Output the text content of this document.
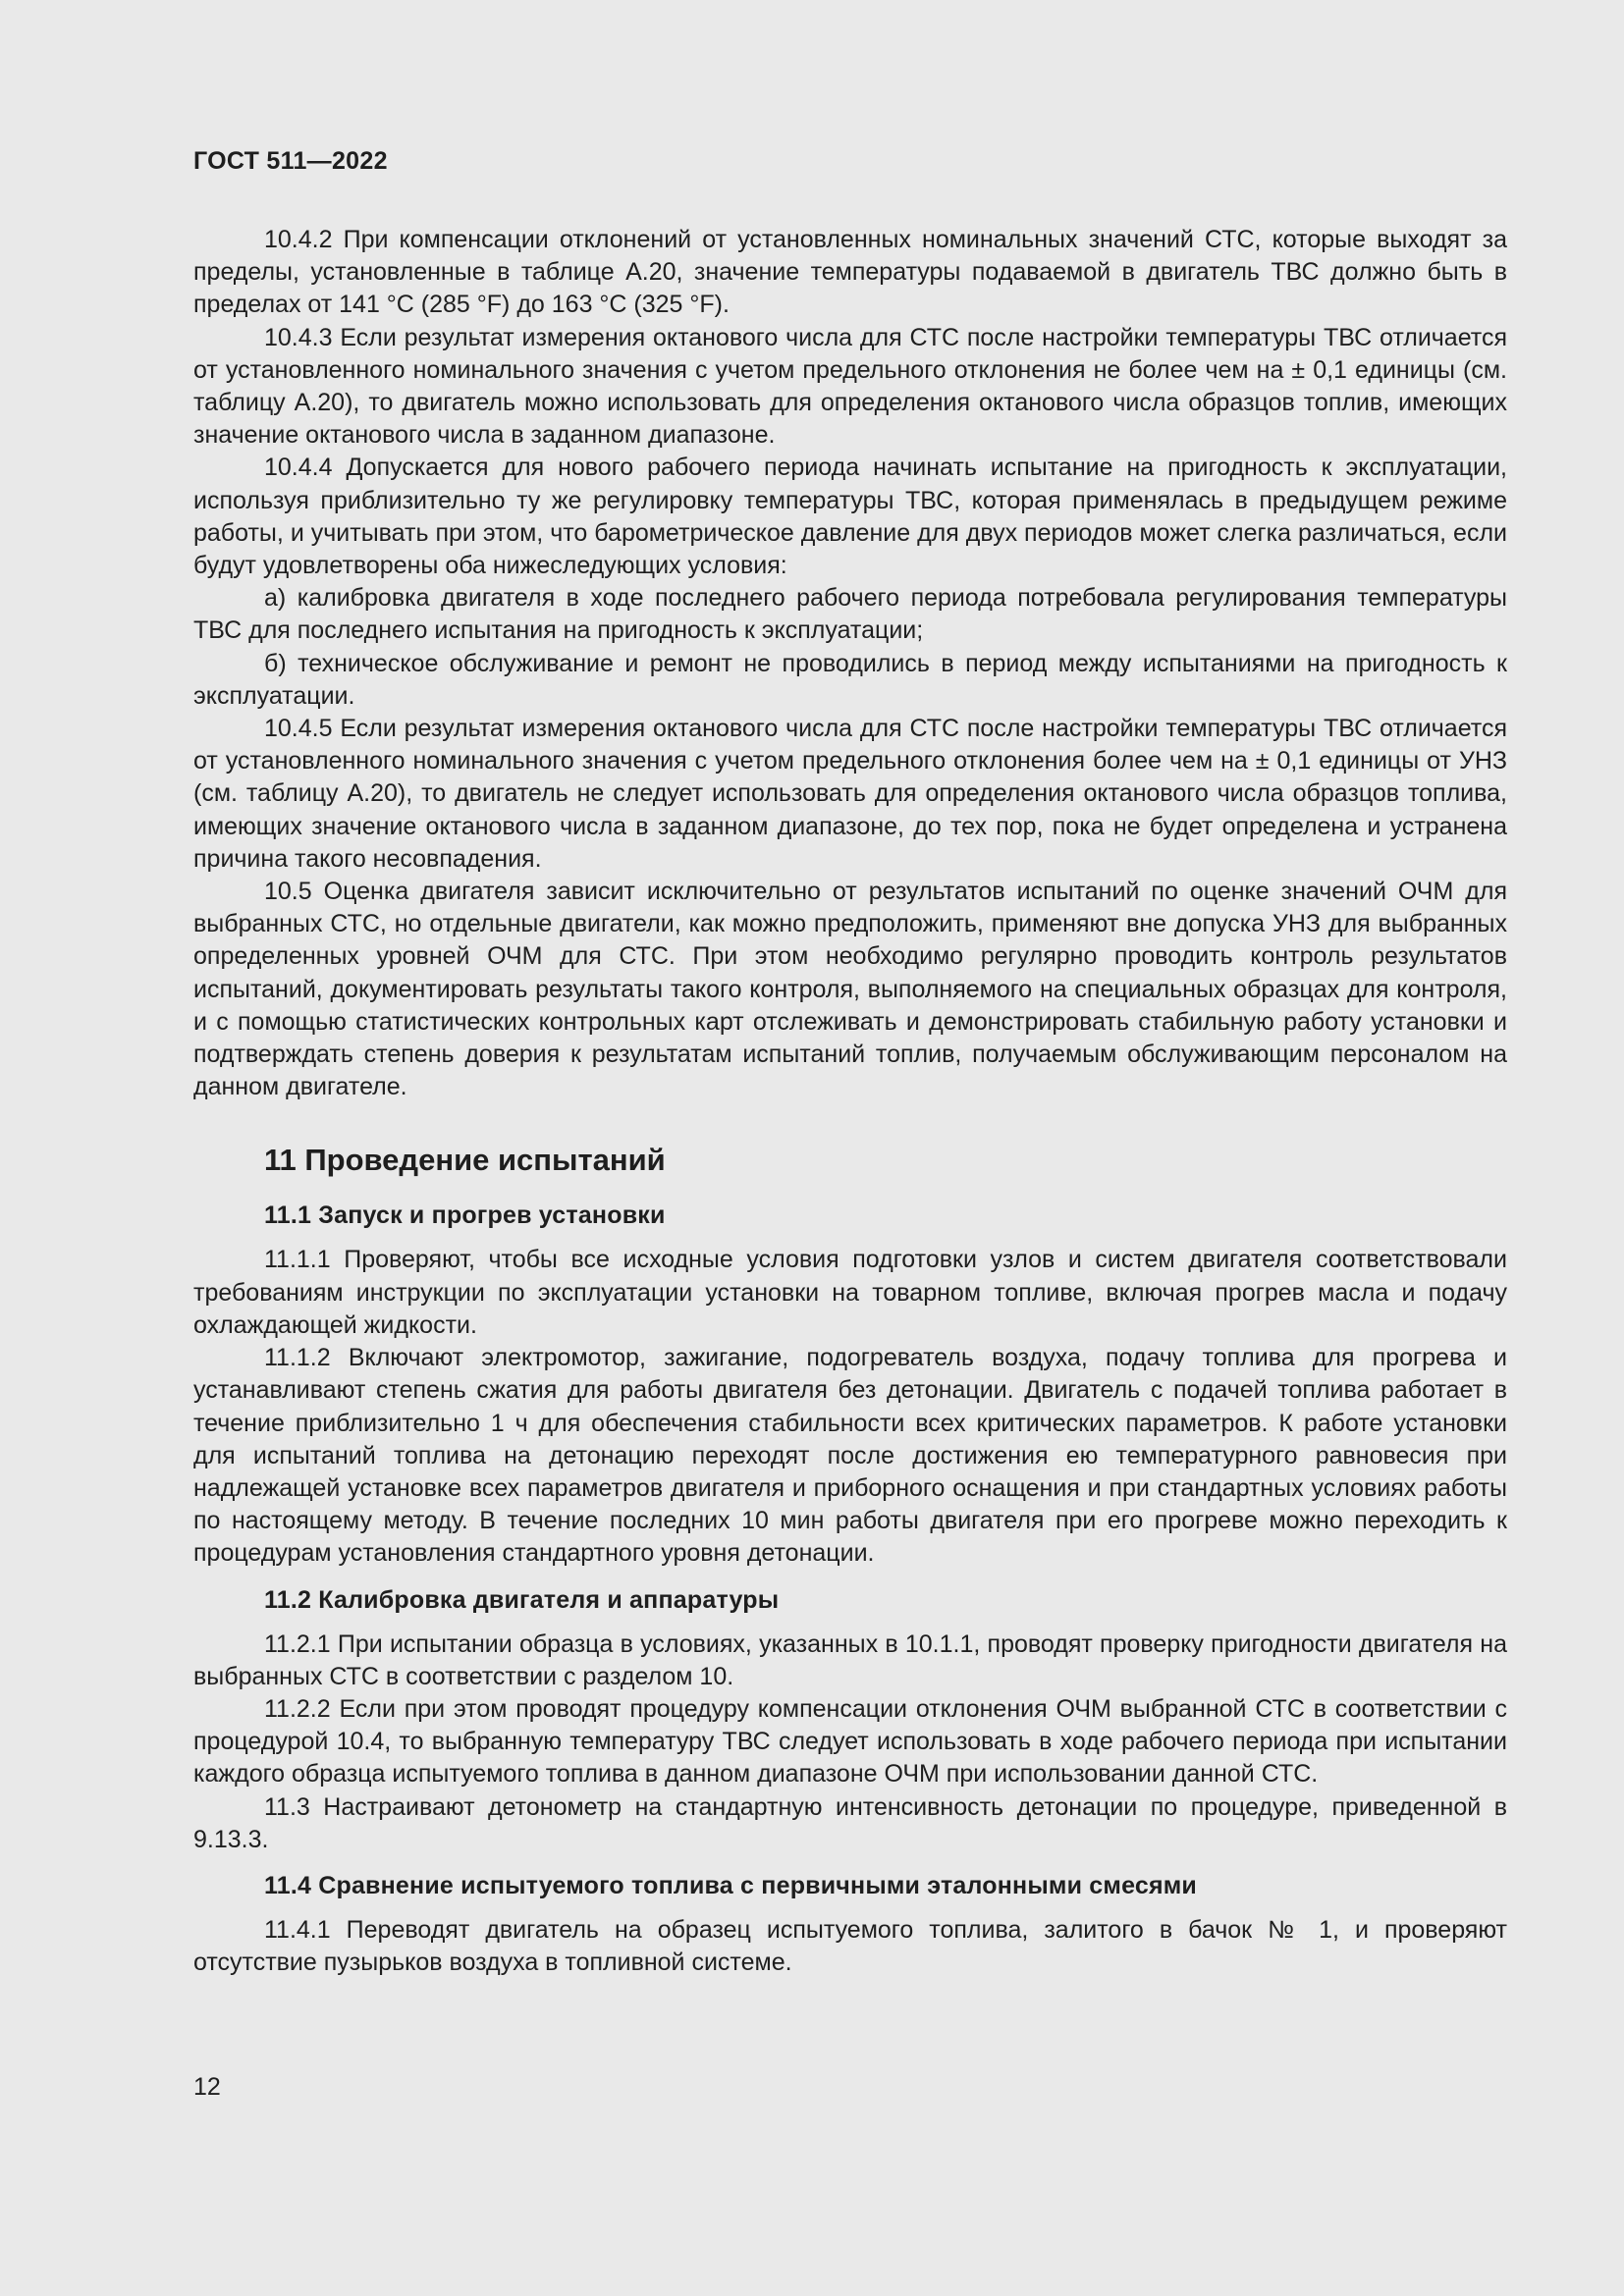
ГОСТ 511—2022

10.4.2 При компенсации отклонений от установленных номинальных значений СТС, которые выходят за пределы, установленные в таблице А.20, значение температуры подаваемой в двигатель ТВС должно быть в пределах от 141 °С (285 °F) до 163 °С (325 °F).

10.4.3 Если результат измерения октанового числа для СТС после настройки температуры ТВС отличается от установленного номинального значения с учетом предельного отклонения не более чем на ± 0,1 единицы (см. таблицу А.20), то двигатель можно использовать для определения октанового числа образцов топлив, имеющих значение октанового числа в заданном диапазоне.

10.4.4 Допускается для нового рабочего периода начинать испытание на пригодность к эксплуатации, используя приблизительно ту же регулировку температуры ТВС, которая применялась в предыдущем режиме работы, и учитывать при этом, что барометрическое давление для двух периодов может слегка различаться, если будут удовлетворены оба нижеследующих условия:

а) калибровка двигателя в ходе последнего рабочего периода потребовала регулирования температуры ТВС для последнего испытания на пригодность к эксплуатации;

б) техническое обслуживание и ремонт не проводились в период между испытаниями на пригодность к эксплуатации.

10.4.5 Если результат измерения октанового числа для СТС после настройки температуры ТВС отличается от установленного номинального значения с учетом предельного отклонения более чем на ± 0,1 единицы от УНЗ (см. таблицу А.20), то двигатель не следует использовать для определения октанового числа образцов топлива, имеющих значение октанового числа в заданном диапазоне, до тех пор, пока не будет определена и устранена причина такого несовпадения.

10.5 Оценка двигателя зависит исключительно от результатов испытаний по оценке значений ОЧМ для выбранных СТС, но отдельные двигатели, как можно предположить, применяют вне допуска УНЗ для выбранных определенных уровней ОЧМ для СТС. При этом необходимо регулярно проводить контроль результатов испытаний, документировать результаты такого контроля, выполняемого на специальных образцах для контроля, и с помощью статистических контрольных карт отслеживать и демонстрировать стабильную работу установки и подтверждать степень доверия к результатам испытаний топлив, получаемым обслуживающим персоналом на данном двигателе.

11 Проведение испытаний
11.1 Запуск и прогрев установки

11.1.1 Проверяют, чтобы все исходные условия подготовки узлов и систем двигателя соответствовали требованиям инструкции по эксплуатации установки на товарном топливе, включая прогрев масла и подачу охлаждающей жидкости.

11.1.2 Включают электромотор, зажигание, подогреватель воздуха, подачу топлива для прогрева и устанавливают степень сжатия для работы двигателя без детонации. Двигатель с подачей топлива работает в течение приблизительно 1 ч для обеспечения стабильности всех критических параметров. К работе установки для испытаний топлива на детонацию переходят после достижения ею температурного равновесия при надлежащей установке всех параметров двигателя и приборного оснащения и при стандартных условиях работы по настоящему методу. В течение последних 10 мин работы двигателя при его прогреве можно переходить к процедурам установления стандартного уровня детонации.

11.2 Калибровка двигателя и аппаратуры

11.2.1 При испытании образца в условиях, указанных в 10.1.1, проводят проверку пригодности двигателя на выбранных СТС в соответствии с разделом 10.

11.2.2 Если при этом проводят процедуру компенсации отклонения ОЧМ выбранной СТС в соответствии с процедурой 10.4, то выбранную температуру ТВС следует использовать в ходе рабочего периода при испытании каждого образца испытуемого топлива в данном диапазоне ОЧМ при использовании данной СТС.

11.3 Настраивают детонометр на стандартную интенсивность детонации по процедуре, приведенной в 9.13.3.

11.4 Сравнение испытуемого топлива с первичными эталонными смесями

11.4.1 Переводят двигатель на образец испытуемого топлива, залитого в бачок № 1, и проверяют отсутствие пузырьков воздуха в топливной системе.

12
